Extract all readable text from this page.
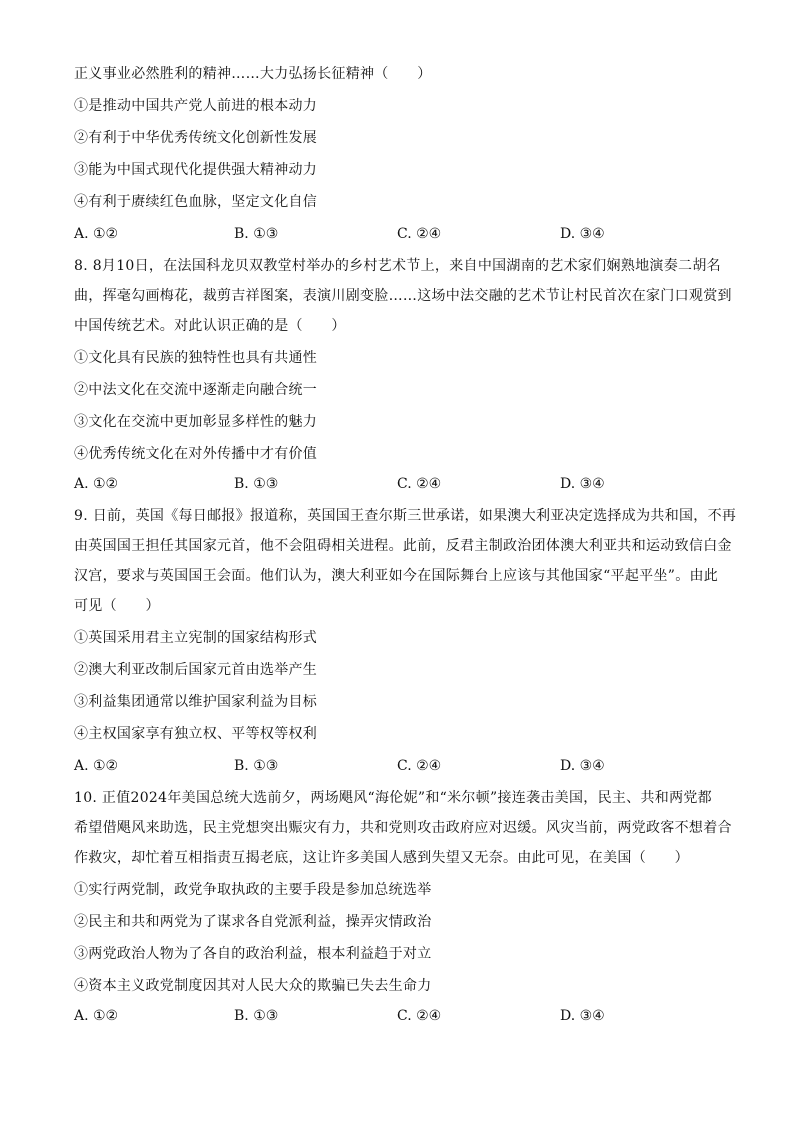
正义事业必然胜利的精神……大力弘扬长征精神（　　）
①是推动中国共产党人前进的根本动力
②有利于中华优秀传统文化创新性发展
③能为中国式现代化提供强大精神动力
④有利于赓续红色血脉，坚定文化自信
A. ①②	B. ①③	C. ②④	D. ③④
8. 8月10日，在法国科龙贝双教堂村举办的乡村艺术节上，来自中国湖南的艺术家们娴熟地演奏二胡名
曲，挥毫勾画梅花，裁剪吉祥图案，表演川剧变脸……这场中法交融的艺术节让村民首次在家门口观赏到
中国传统艺术。对此认识正确的是（　　）
①文化具有民族的独特性也具有共通性
②中法文化在交流中逐渐走向融合统一
③文化在交流中更加彰显多样性的魅力
④优秀传统文化在对外传播中才有价值
A. ①②	B. ①③	C. ②④	D. ③④
9. 日前，英国《每日邮报》报道称，英国国王查尔斯三世承诺，如果澳大利亚决定选择成为共和国，不再
由英国国王担任其国家元首，他不会阻碍相关进程。此前，反君主制政治团体澳大利亚共和运动致信白金
汉宫，要求与英国国王会面。他们认为，澳大利亚如今在国际舞台上应该与其他国家“平起平坐”。由此
可见（　　）
①英国采用君主立宪制的国家结构形式
②澳大利亚改制后国家元首由选举产生
③利益集团通常以维护国家利益为目标
④主权国家享有独立权、平等权等权利
A. ①②	B. ①③	C. ②④	D. ③④
10. 正值2024年美国总统大选前夕，两场飓风“海伦妮”和“米尔顿”接连袭击美国，民主、共和两党都
希望借飓风来助选，民主党想突出赈灾有力，共和党则攻击政府应对迟缓。风灾当前，两党政客不想着合
作救灾，却忙着互相指责互揭老底，这让许多美国人感到失望又无奈。由此可见，在美国（　　）
①实行两党制，政党争取执政的主要手段是参加总统选举
②民主和共和两党为了谋求各自党派利益，操弄灾情政治
③两党政治人物为了各自的政治利益，根本利益趋于对立
④资本主义政党制度因其对人民大众的欺骗已失去生命力
A. ①②	B. ①③	C. ②④	D. ③④
